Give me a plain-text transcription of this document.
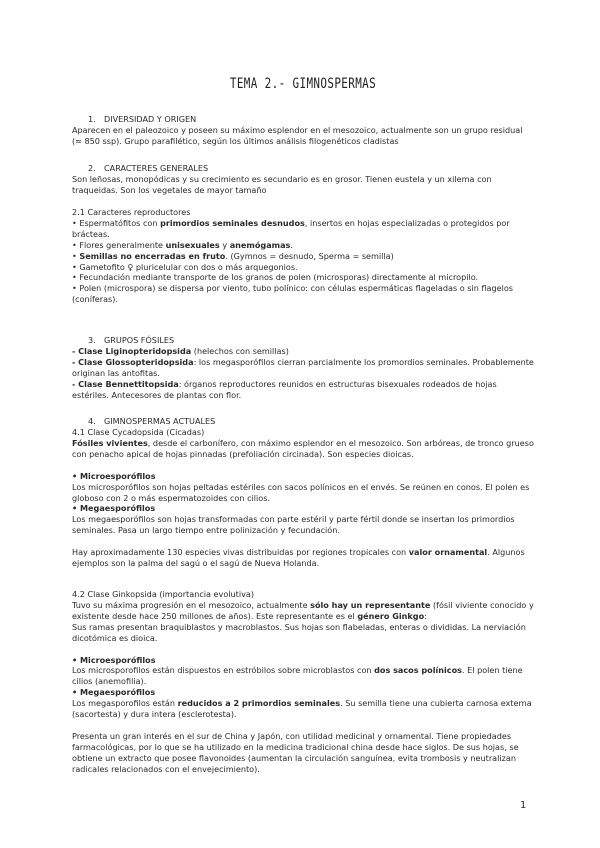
TEMA 2.- GIMNOSPERMAS
1. DIVERSIDAD Y ORIGEN

Aparecen en el paleozoico y poseen su máximo esplendor en el mesozoico, actualmente son un grupo residual (≈ 850 ssp). Grupo parafilético, según los últimos análisis filogenéticos cladistas

2. CARACTERES GENERALES

Son leñosas, monopódicas y su crecimiento es secundario es en grosor. Tienen eustela y un xilema con traqueidas. Son los vegetales de mayor tamaño

2.1 Caracteres reproductores

• Espermatófitos con primordios seminales desnudos, insertos en hojas especializadas o protegidos por brácteas.

• Flores generalmente unisexuales y anemógamas.

• Semillas no encerradas en fruto. (Gymnos = desnudo, Sperma = semilla)

• Gametofito ♀ pluricelular con dos o más arquegonios.

• Fecundación mediante transporte de los granos de polen (microsporas) directamente al micropilo.

• Polen (microspora) se dispersa por viento, tubo polínico: con células espermáticas flageladas o sin flagelos (coníferas).

3. GRUPOS FÓSILES

- Clase Liginopteridopsida (helechos con semillas)

- Clase Glossopteridopsida: los megasporófilos cierran parcialmente los promordios seminales. Probablemente originan las antofitas.

- Clase Bennettitopsida: órganos reproductores reunidos en estructuras bisexuales rodeados de hojas estériles. Antecesores de plantas con flor.

4. GIMNOSPERMAS ACTUALES

4.1 Clase Cycadopsida (Cicadas)

Fósiles vivientes, desde el carbonífero, con máximo esplendor en el mesozoico. Son arbóreas, de tronco grueso con penacho apical de hojas pinnadas (prefoliación circinada). Son especies dioicas.

• Microesporófilos

Los microsporófilos son hojas peltadas estériles con sacos polínicos en el envés. Se reúnen en conos. El polen es globoso con 2 o más espermatozoides con cilios.

• Megaesporófilos

Los megaesporófilos son hojas transformadas con parte estéril y parte fértil donde se insertan los primordios seminales. Pasa un largo tiempo entre polinización y fecundación.

Hay aproximadamente 130 especies vivas distribuidas por regiones tropicales con valor ornamental. Algunos ejemplos son la palma del sagú o el sagú de Nueva Holanda.

4.2 Clase Ginkopsida (importancia evolutiva)

Tuvo su máxima progresión en el mesozoico, actualmente sólo hay un representante (fósil viviente conocido y existente desde hace 250 millones de años). Este representante es el género Ginkgo:

Sus ramas presentan braquiblastos y macroblastos. Sus hojas son flabeladas, enteras o divididas. La nerviación dicotómica es dioica.

• Microesporófilos

Los microsporofilos están dispuestos en estróbilos sobre microblastos con dos sacos polínicos. El polen tiene cilios (anemofilia).

• Megaesporófilos

Los megasporofilos están reducidos a 2 primordios seminales. Su semilla tiene una cubierta carnosa externa (sacortesta) y dura intera (esclerotesta).

Presenta un gran interés en el sur de China y Japón, con utilidad medicinal y ornamental. Tiene propiedades farmacológicas, por lo que se ha utilizado en la medicina tradicional china desde hace siglos. De sus hojas, se obtiene un extracto que posee flavonoides (aumentan la circulación sanguínea, evita trombosis y neutralizan radicales relacionados con el envejecimiento).

1
